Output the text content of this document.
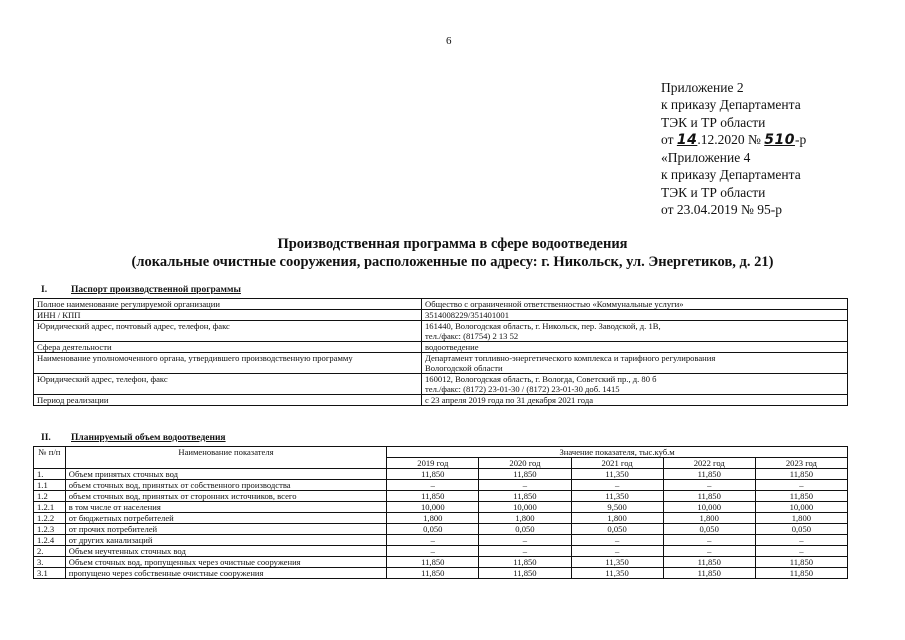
6
Приложение 2
к приказу Департамента
ТЭК и ТР области
от 14.12.2020 № 510-р
«Приложение 4
к приказу Департамента
ТЭК и ТР области
от 23.04.2019 № 95-р
Производственная программа в сфере водоотведения
(локальные очистные сооружения, расположенные по адресу: г. Никольск, ул. Энергетиков, д. 21)
I.	Паспорт производственной программы
Полное наименование регулируемой организации	Общество с ограниченной ответственностью «Коммунальные услуги»

ИНН / КПП	3514008229/351401001

Юридический адрес, почтовый адрес, телефон, факс	161440, Вологодская область, г. Никольск, пер. Заводской, д. 1В,
тел./факс: (81754) 2 13 52

Сфера деятельности	водоотведение

Наименование уполномоченного органа, утвердившего производственную программу	Департамент топливно-энергетического комплекса и тарифного регулирования
Вологодской области

Юридический адрес, телефон, факс	160012, Вологодская область, г. Вологда, Советский пр., д. 80 б
тел./факс: (8172) 23-01-30 / (8172) 23-01-30 доб. 1415

Период реализации	с 23 апреля 2019 года по 31 декабря 2021 года
II. Планируемый объем водоотведения
№ п/п	Наименование показателя	Значение показателя, тыс.куб.м				
		2019 год	2020 год	2021 год	2022 год	2023 год
1.	Объем принятых сточных вод	11,850	11,850	11,350	11,850	11,850
1.1	объем сточных вод, принятых от собственного производства	–	–	–	–	–
1.2	объем сточных вод, принятых от сторонних источников, всего	11,850	11,850	11,350	11,850	11,850
1.2.1	в том числе от населения	10,000	10,000	9,500	10,000	10,000
1.2.2	от бюджетных потребителей	1,800	1,800	1,800	1,800	1,800
1.2.3	от прочих потребителей	0,050	0,050	0,050	0,050	0,050
1.2.4	от других канализаций	–	–	–	–	–
2.	Объем неучтенных сточных вод	–	–	–	–	–
3.	Объем сточных вод, пропущенных через очистные сооружения	11,850	11,850	11,350	11,850	11,850
3.1	пропущено через собственные очистные сооружения	11,850	11,850	11,350	11,850	11,850
